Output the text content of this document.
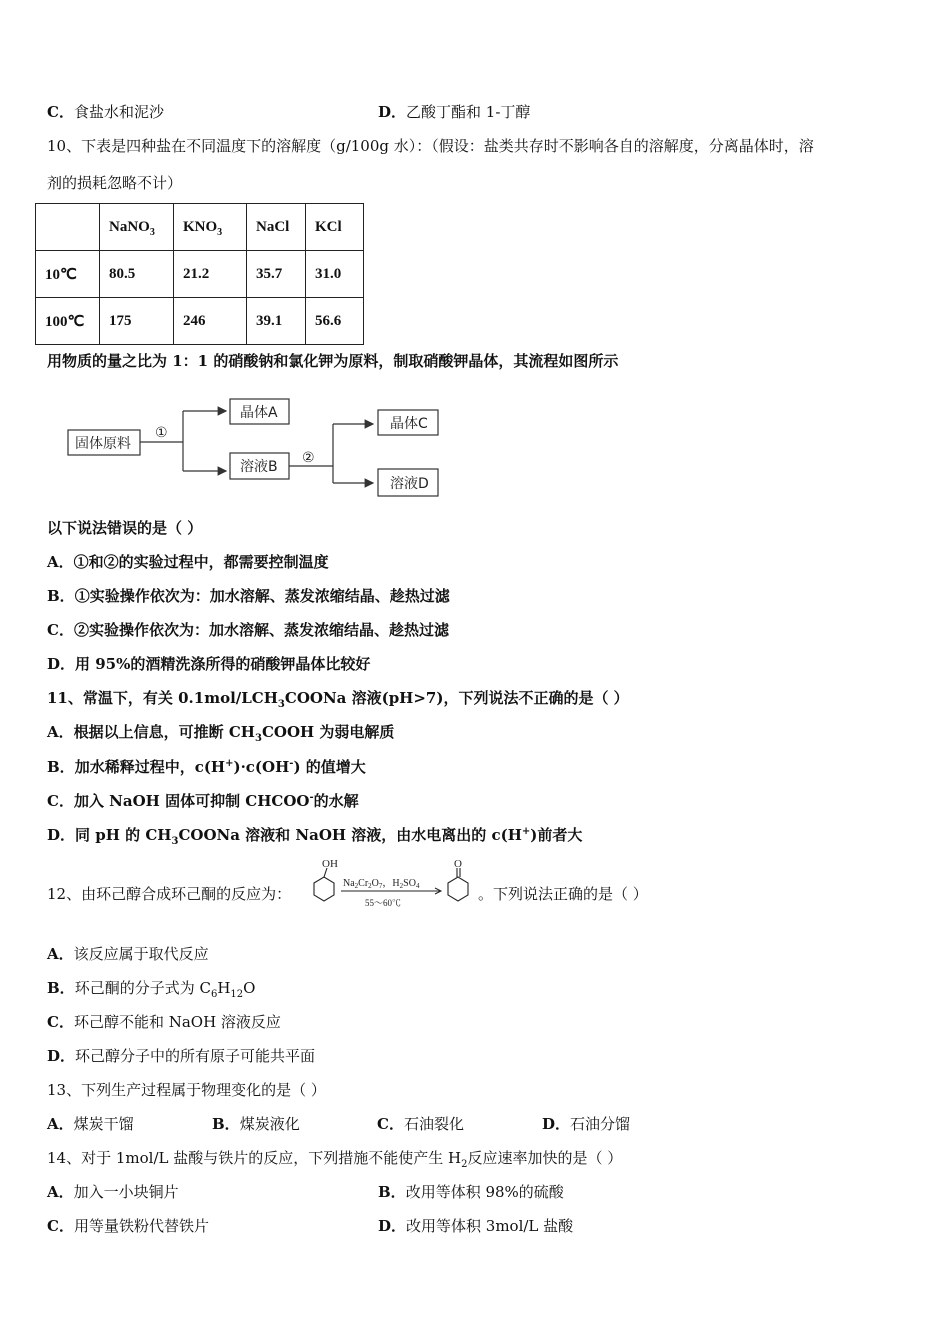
C．食盐水和泥沙	D．乙酸丁酯和 1-丁醇
10、下表是四种盐在不同温度下的溶解度（g/100g 水）：（假设：盐类共存时不影响各自的溶解度，分离晶体时，溶
剂的损耗忽略不计）
	NaNO$_3$	$KNO_3$	NaCl	KCl
10℃	80.5	21.2	35.7	31.0
100℃	175	246	39.1	56.6
用物质的量之比为 1：1 的硝酸钠和氯化钾为原料，制取硝酸钾晶体，其流程如图所示
固体原料
①
晶体A
溶液B
②
晶体C
溶液D
以下说法错误的是（ ）
A．①和②的实验过程中，都需要控制温度
B．①实验操作依次为：加水溶解、蒸发浓缩结晶、趁热过滤
C．②实验操作依次为：加水溶解、蒸发浓缩结晶、趁热过滤
D．用 95%的酒精洗涤所得的硝酸钾晶体比较好
11、常温下，有关 $0.1mol/LCH_3COONa$ 溶液(pH>7)，下列说法不正确的是（ ）
A．根据以上信息，可推断 $CH_3COOH$ 为弱电解质
B．加水稀释过程中，c(H+)·c(OH-) 的值增大
C．加入 NaOH 固体可抑制 CHCOO-的水解
D．同 pH 的 $CH_3COONa$ 溶液和 NaOH 溶液，由水电离出的 c(H+)前者大
12、由环己醇合成环己酮的反应为：
OH
$Na_2Cr_2O_7$，$H_2SO_4$
55～60℃
O
。下列说法正确的是（ ）
A．该反应属于取代反应
B．环己酮的分子式为 $C_6H_{12}O$
C．环己醇不能和 NaOH 溶液反应
D．环己醇分子中的所有原子可能共平面
13、下列生产过程属于物理变化的是（ ）
A．煤炭干馏	B．煤炭液化	C．石油裂化	D．石油分馏
14、对于 1mol/L 盐酸与铁片的反应，下列措施不能使产生 $H_2$反应速率加快的是（ ）
A．加入一小块铜片	B．改用等体积 98%的硫酸
C．用等量铁粉代替铁片	D．改用等体积 3mol/L 盐酸
